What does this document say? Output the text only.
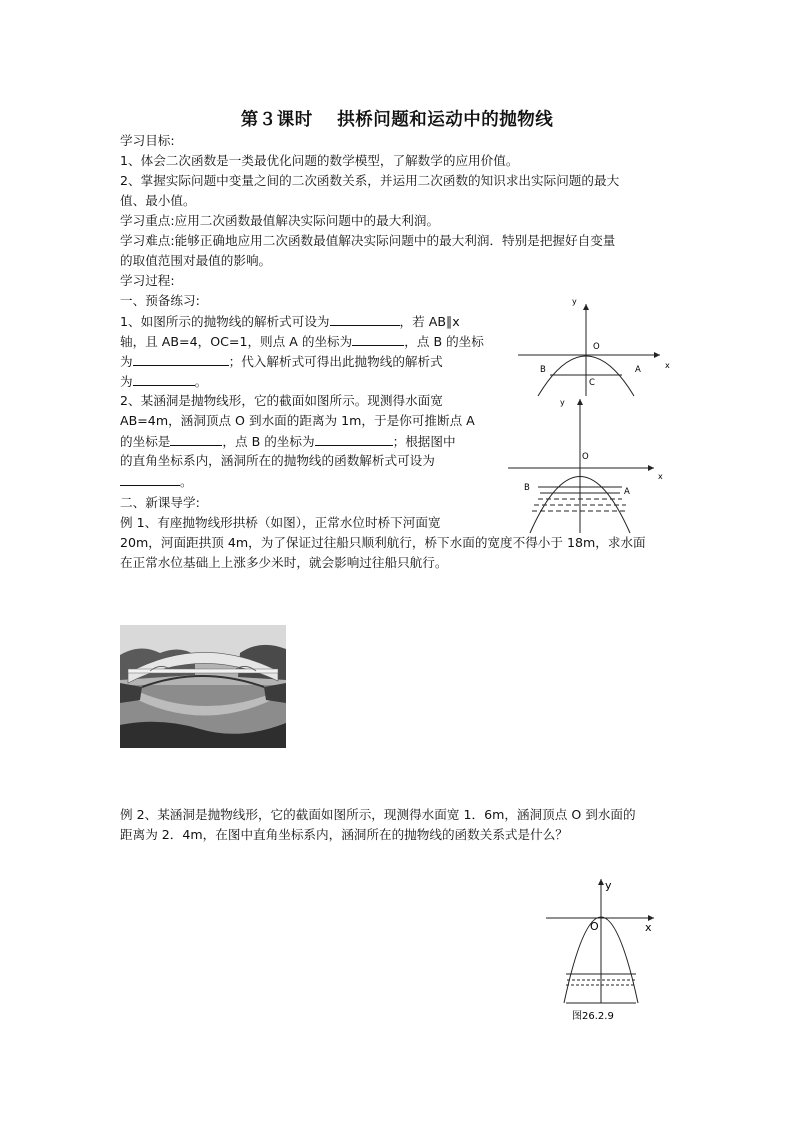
第３课时　 拱桥问题和运动中的抛物线
学习目标:
1、体会二次函数是一类最优化问题的数学模型，了解数学的应用价值。
2、掌握实际问题中变量之间的二次函数关系，并运用二次函数的知识求出实际问题的最大
值、最小值。
学习重点:应用二次函数最值解决实际问题中的最大利润。
学习难点:能够正确地应用二次函数最值解决实际问题中的最大利润．特别是把握好自变量
的取值范围对最值的影响。
学习过程:
一、预备练习:
1、如图所示的抛物线的解析式可设为	，若 AB∥x
轴，且 AB=4，OC=1，则点 A 的坐标为	，点 B 的坐标
为	；代入解析式可得出此抛物线的解析式
为	。
2、某涵洞是抛物线形，它的截面如图所示。现测得水面宽
AB=4m，涵洞顶点 O 到水面的距离为 1m，于是你可推断点 A
的坐标是	，点 B 的坐标为	；根据图中
的直角坐标系内，涵洞所在的抛物线的函数解析式可设为
。
二、新课导学:
例 1、有座抛物线形拱桥（如图），正常水位时桥下河面宽
20m，河面距拱顶 4m，为了保证过往船只顺利航行，桥下水面的宽度不得小于 18m，求水面
在正常水位基础上上涨多少米时，就会影响过往船只航行。
例 2、某涵洞是抛物线形，它的截面如图所示，现测得水面宽 1．6m，涵洞顶点 O 到水面的
距离为 2．4m，在图中直角坐标系内，涵洞所在的抛物线的函数关系式是什么？
y
x
O
B	A
C
y
x
O
B	A
y
x
O
图26.2.9
